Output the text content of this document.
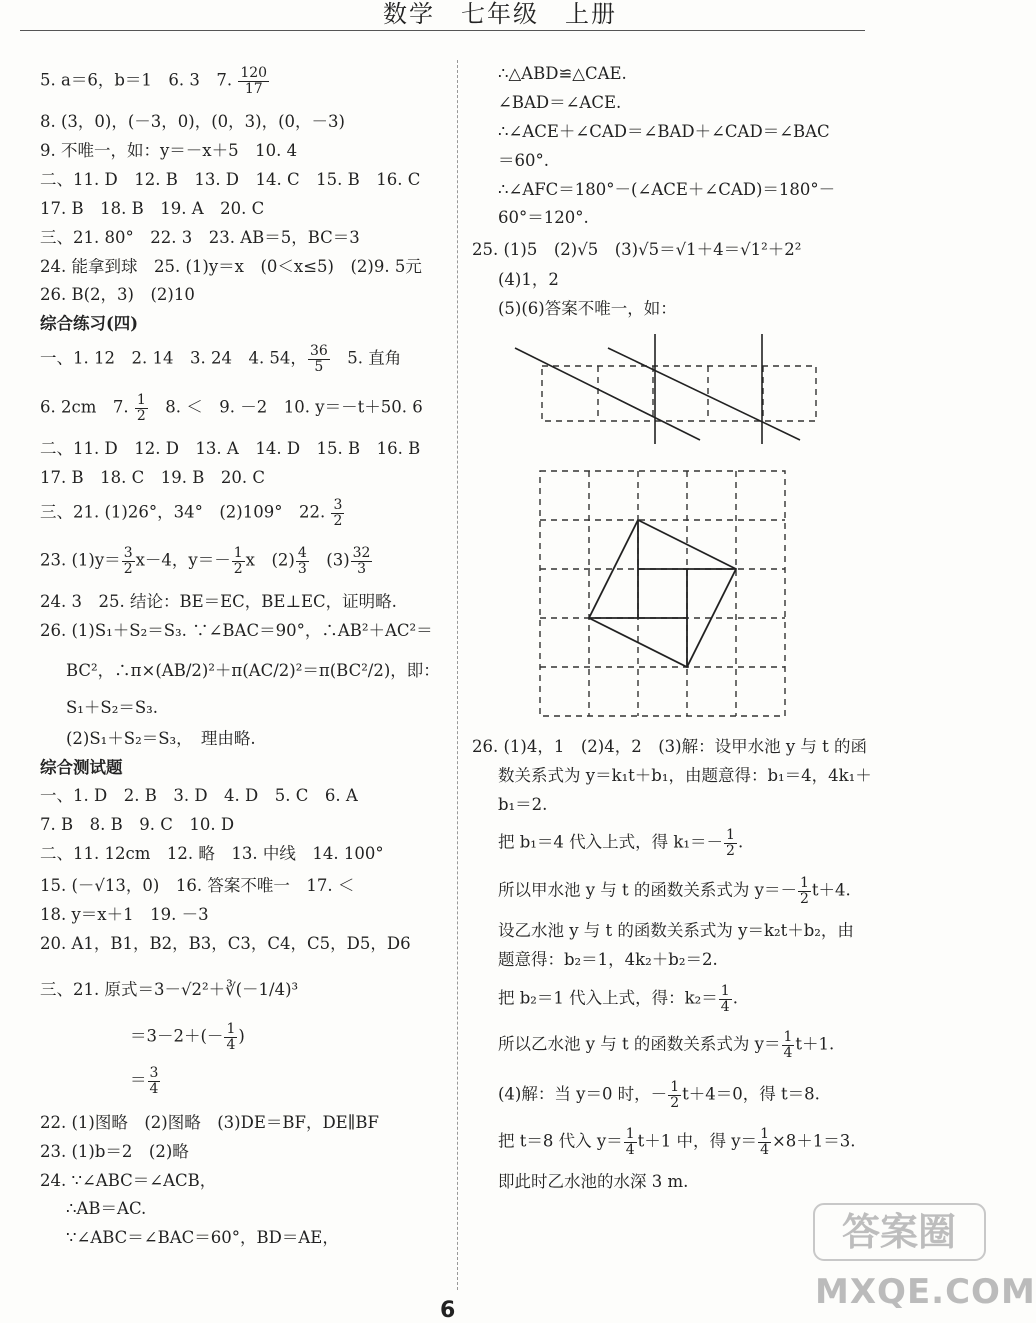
数学　七年级　上册
5. a＝6，b＝1　6. 3　7. $\frac{120}{17}$
8. (3，0)，(－3，0)，(0，3)，(0，－3)
9. 不唯一，如：y＝－x＋5　10. 4
二、11. D　12. B　13. D　14. C　15. B　16. C
17. B　18. B　19. A　20. C
三、21. 80°　22. 3　23. AB＝5，BC＝3
24. 能拿到球　25. (1)y＝x　(0＜x≤5)　(2)9. 5元
26. B(2，3)　(2)10
综合练习(四)
一、1. 12　2. 14　3. 24　4. 54， $\frac{36}{5}$ 　5. 直角
6. 2cm　7. $\frac{1}{2}$ 　8. ＜　9. －2　10. y＝－t＋50. 6
二、11. D　12. D　13. A　14. D　15. B　16. B
17. B　18. C　19. B　20. C
三、21. (1)26°，34°　(2)109°　22. $\frac{3}{2}$
23. $(1)y= \frac{3}{2} x-4$，$y=- \frac{1}{2}$ x　$(2) \frac{4}{3}$ 　$(3) \frac{32}{3}$
24. 3　25. 结论：BE＝EC，BE⊥EC，证明略.
26. (1)S₁＋S₂＝S₃. ∵∠BAC＝90°，∴AB²＋AC²＝
BC²，∴π×(AB/2)²＋π(AC/2)²＝π(BC²/2)，即：
S₁＋S₂＝S₃.
(2)S₁＋S₂＝S₃，　理由略.
综合测试题
一、1. D　2. B　3. D　4. D　5. C　6. A
7. B　8. B　9. C　10. D
二、11. 12cm　12. 略　13. 中线　14. 100°
15. (－√13，0)　16. 答案不唯一　17. ＜
18. y＝x＋1　19. －3
20. A1，B1，B2，B3，C3，C4，C5，D5，D6
三、21. 原式＝3－√2²＋∛(－1/4)³
$=3-2+(- \frac{1}{4}$ )
＝ $\frac{3}{4}$
22. (1)图略　(2)图略　(3)DE＝BF，DE∥BF
23. (1)b＝2　(2)略
24. ∵∠ABC＝∠ACB，
∴AB＝AC.
∵∠ABC＝∠BAC＝60°，BD＝AE，
∴△ABD≌△CAE.
∠BAD＝∠ACE.
∴∠ACE＋∠CAD＝∠BAD＋∠CAD＝∠BAC
＝60°.
∴∠AFC＝180°－(∠ACE＋∠CAD)＝180°－
60°＝120°.
25. (1)5　(2)√5　(3)√5＝√1＋4＝√1²＋2²
(4)1，2
(5)(6)答案不唯一，如：
26. (1)4，1　(2)4，2　(3)解：设甲水池 y 与 t 的函
数关系式为 y＝k₁t＋b₁，由题意得：b₁＝4，4k₁＋
b₁＝2.
把 b₁＝4 代入上式，得 $k_1=- \frac{1}{2}$ .
所以甲水池 y 与 t 的函数关系式为 $y=- \frac{1}{2} t+4$.
设乙水池 y 与 t 的函数关系式为 y＝k₂t＋b₂，由
题意得：b₂＝1，4k₂＋b₂＝2.
把 b₂＝1 代入上式，得：$k_2= \frac{1}{4}$ .
所以乙水池 y 与 t 的函数关系式为 $y= \frac{1}{4} t+1$.
(4)解：当 y＝0 时，－ $\frac{1}{2} t+4=0$，得 t＝8.
把 t＝8 代入 $y= \frac{1}{4} t+1$ 中，得 $y= \frac{1}{4} \times 8+1=3$.
即此时乙水池的水深 3 m.
答案圈
MXQE.COM
6
